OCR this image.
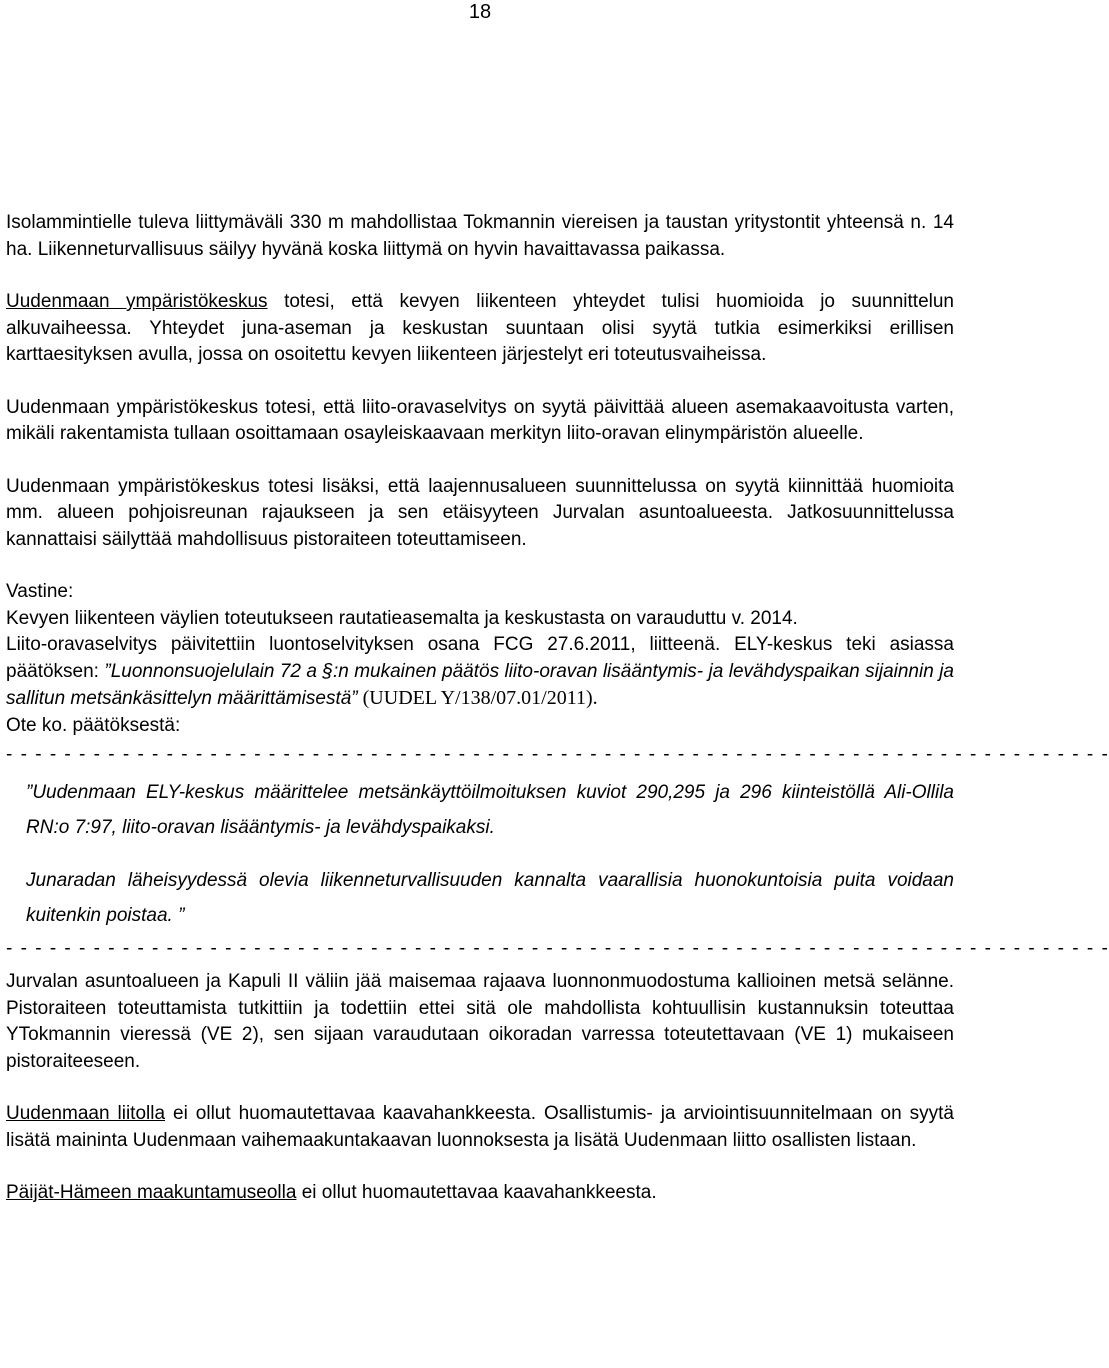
18

Isolammintielle tuleva liittymäväli 330 m mahdollistaa Tokmannin viereisen ja taustan yritystontit yhteensä n. 14 ha. Liikenneturvallisuus säilyy hyvänä koska liittymä on hyvin havaittavassa paikassa.

Uudenmaan ympäristökeskus totesi, että kevyen liikenteen yhteydet tulisi huomioida jo suunnittelun alkuvaiheessa. Yhteydet juna-aseman ja keskustan suuntaan olisi syytä tutkia esimerkiksi erillisen karttaesityksen avulla, jossa on osoitettu kevyen liikenteen järjestelyt eri toteutusvaiheissa.

Uudenmaan ympäristökeskus totesi, että liito-oravaselvitys on syytä päivittää alueen asemakaavoitusta varten, mikäli rakentamista tullaan osoittamaan osayleiskaavaan merkityn liito-oravan elinympäristön alueelle.

Uudenmaan ympäristökeskus totesi lisäksi, että laajennusalueen suunnittelussa on syytä kiinnittää huomioita mm. alueen pohjoisreunan rajaukseen ja sen etäisyyteen Jurvalan asuntoalueesta. Jatkosuunnittelussa kannattaisi säilyttää mahdollisuus pistoraiteen toteuttamiseen.

Vastine:

Kevyen liikenteen väylien toteutukseen rautatieasemalta ja keskustasta on varauduttu v. 2014.

Liito-oravaselvitys päivitettiin luontoselvityksen osana FCG 27.6.2011, liitteenä. ELY-keskus teki asiassa päätöksen: ”Luonnonsuojelulain 72 a §:n mukainen päätös liito-oravan lisääntymis- ja levähdyspaikan sijainnin ja sallitun metsänkäsittelyn määrittämisestä” (UUDEL Y/138/07.01/2011).

Ote ko. päätöksestä:

- - - - - - - - - - - - - - - - - - - - - - - - - - - - - - - - - - - - - - - - - - - - - - - - - - - - - - - - - - - - - - - - - - - - - - - - - - - -

”Uudenmaan ELY-keskus määrittelee metsänkäyttöilmoituksen kuviot 290,295 ja 296 kiinteistöllä Ali-Ollila RN:o 7:97, liito-oravan lisääntymis- ja levähdyspaikaksi.

Junaradan läheisyydessä olevia liikenneturvallisuuden kannalta vaarallisia huonokuntoisia puita voidaan kuitenkin poistaa. ”

- - - - - - - - - - - - - - - - - - - - - - - - - - - - - - - - - - - - - - - - - - - - - - - - - - - - - - - - - - - - - - - - - - - - - - - - - - - -

Jurvalan asuntoalueen ja Kapuli II väliin jää maisemaa rajaava luonnonmuodostuma kallioinen metsä selänne. Pistoraiteen toteuttamista tutkittiin ja todettiin ettei sitä ole mahdollista kohtuullisin kustannuksin toteuttaa YTokmannin vieressä (VE 2), sen sijaan varaudutaan oikoradan varressa toteutettavaan (VE 1) mukaiseen pistoraiteeseen.

Uudenmaan liitolla ei ollut huomautettavaa kaavahankkeesta. Osallistumis- ja arviointisuunnitelmaan on syytä lisätä maininta Uudenmaan vaihemaakuntakaavan luonnoksesta ja lisätä Uudenmaan liitto osallisten listaan.

Päijät-Hämeen maakuntamuseolla ei ollut huomautettavaa kaavahankkeesta.
